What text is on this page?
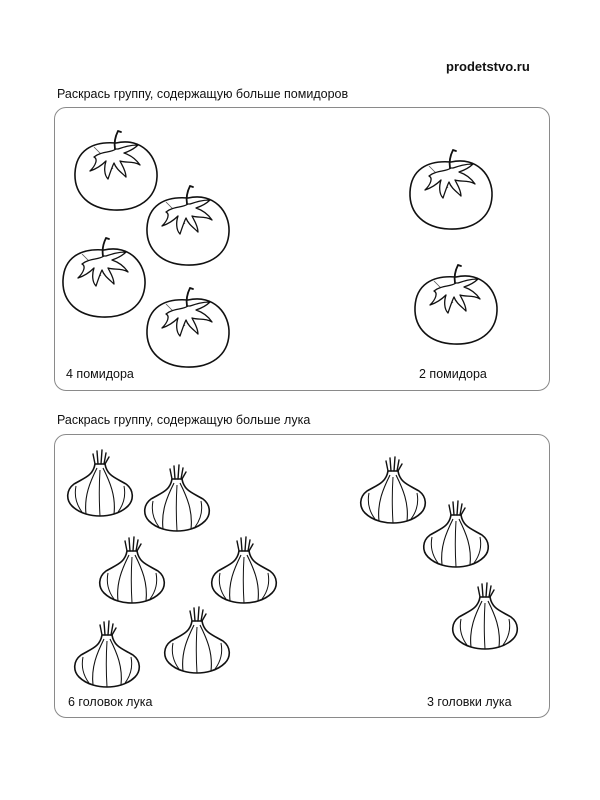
prodetstvo.ru
Раскрась группу, содержащую больше помидоров
4 помидора	2 помидора
Раскрась группу, содержащую больше лука
6 головок лука	3 головки лука
